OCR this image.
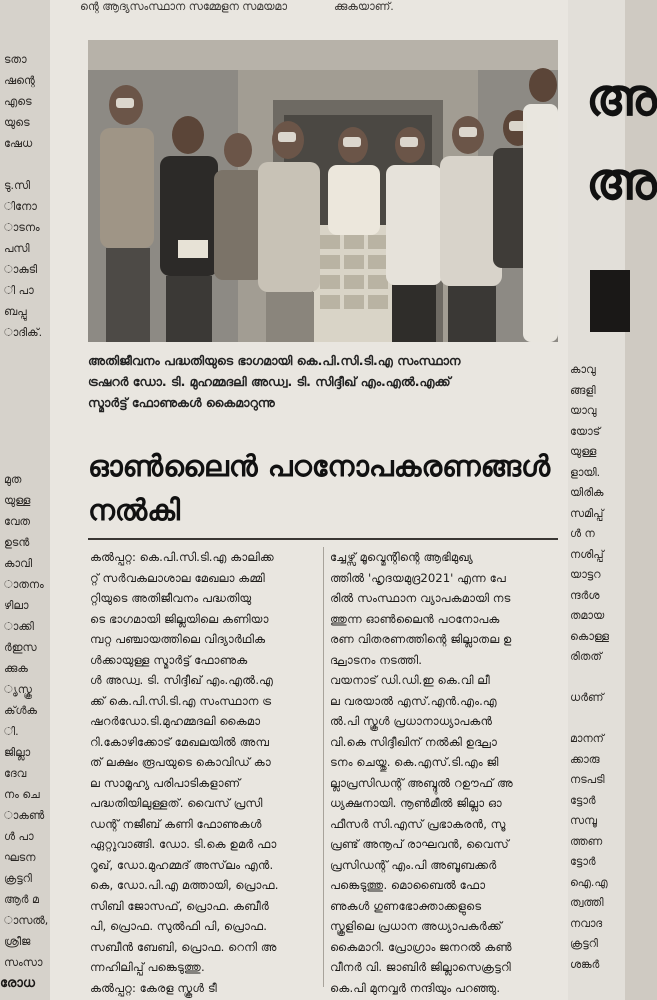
ടതാ
ഷന്റെ
എടെ
യുടെ
ഷേധ
ടു.സി
ിനോ
ാടനം
പസി
ാകുടി
ി പാ
ബപ്പു
ാദിക്.
മുത
യുള്ള
വേത
ഉടൻ
കാവി
ാതനം
ഴിലാ
ാക്കി
ർഇസ
ക്കുക
ൃസ്കൂ
ക്ൾക
ി.
ജില്ലാ
ദേവ
നം ചെ
ാകൺ
ൾ പാ
ഘടന
ക്രട്ടറി
ആർ മ
ാസൽ,
ശ്രീജ
സംസാ
അ
അ
കാവു
ങ്ങളി
യാവു
യോട്
യുള്ള
ളായി.
യിരിക
സമിപ്പ്
ൾ ന
നശിപ്പ്
യാട്ടറ
ന്ദർശ
തമായ
കൊള്ള
രിതത്
ധർണ്
മാനന്
ക്കാരു
നടപടി
ട്ടോർ
സമ്പൂ
ത്തണ
ട്ടോർ
ഐ.എ
ത്വത്തി
നവാദ
ക്രട്ടറി
ശങ്കർ
ന്റെ ആദ്യസംസ്ഥാന സമ്മേളന സമയമാ	ക്കുകയാണ്.
അതിജീവനം പദ്ധതിയുടെ ഭാഗമായി കെ.പി.സി.ടി.എ സംസ്ഥാന
ട്രഷറർ ഡോ. ടി. മുഹമ്മദലി അഡ്വ. ടി. സിദ്ദീഖ് എം.എൽ.എക്ക്
സ്മാർട്ട് ഫോണുകൾ കൈമാറുന്നു
ഓൺലൈൻ പഠനോപകരണങ്ങൾ
നൽകി
കൽപ്പറ്റ: കെ.പി.സി.ടി.എ കാലിക്ക
റ്റ് സർവകലാശാല മേഖലാ കമ്മി
റ്റിയുടെ അതിജീവനം പദ്ധതിയു
ടെ ഭാഗമായി ജില്ലയിലെ കണിയാ
മ്പറ്റ പഞ്ചായത്തിലെ വിദ്യാർഥിക
ൾക്കായുള്ള സ്മാർട്ട് ഫോണുക
ൾ അഡ്വ. ടി. സിദ്ദീഖ് എം.എൽ.എ
ക്ക് കെ.പി.സി.ടി.എ സംസ്ഥാന ട്ര
ഷറർഡോ.ടി.മുഹമ്മദലി കൈമാ
റി.കോഴിക്കോട് മേഖലയിൽ അമ്പ
ത് ലക്ഷം രൂപയുടെ കൊവിഡ് കാ
ല സാമൂഹ്യ പരിപാടികളാണ്
പദ്ധതിയിലുള്ളത്. വൈസ് പ്രസി
ഡന്റ് നജീബ് കണി ഫോണുകൾ
ഏറ്റുവാങ്ങി. ഡോ. ടി.കെ ഉമർ ഫാ
റൂഖ്, ഡോ.മുഹമ്മദ് അസ്‌ലം എൻ.
കെ, ഡോ.പി.എ മത്തായി, പ്രൊഫ.
സിബി ജോസഫ്, പ്രൊഫ. കബീർ
പി, പ്രൊഫ. സുൽഫി പി, പ്രൊഫ.
സബീൻ ബേബി, പ്രൊഫ. റെനി അ
ന്നഹിലിപ്പ് പങ്കെടുത്തു.
കൽപ്പറ്റ: കേരള സ്കൂൾ ടീ
ച്ചേഴ്സ് മൂവ്മെന്റിന്റെ ആഭിമുഖ്യ
ത്തിൽ 'ഹൃദയമുദ്ര2021' എന്ന പേ
രിൽ സംസ്ഥാന വ്യാപകമായി നട
ത്തുന്ന ഓൺലൈൻ പഠനോപക
രണ വിതരണത്തിന്റെ ജില്ലാതല ഉ
ദ്ഘാടനം നടത്തി.
വയനാട് ഡി.ഡി.ഇ കെ.വി ലീ
ല വരയാൽ എസ്.എൻ.എം.എ
ൽ.പി സ്കൂൾ പ്രധാനാധ്യാപകൻ
വി.കെ സിദ്ദീഖിന് നൽകി ഉദ്ഘാ
ടനം ചെയ്തു. കെ.എസ്.ടി.എം ജി
ല്ലാപ്രസിഡന്റ് അബ്ദുൽ റഊഫ് അ
ധ്യക്ഷനായി. നൂൺമീൽ ജില്ലാ ഓ
ഫീസർ സി.എസ് പ്രഭാകരൻ, സൂ
പ്രണ്ട് അനൂപ് രാഘവൻ, വൈസ്
പ്രസിഡന്റ് എം.പി അബൂബക്കർ
പങ്കെടുത്തു. മൊബൈൽ ഫോ
ണുകൾ ഗുണഭോക്താക്കളുടെ
സ്കൂളിലെ പ്രധാന അധ്യാപകർക്ക്
കൈമാറി. പ്രോഗ്രാം ജനറൽ കൺ
വീനർ വി. ജാബിർ ജില്ലാസെക്രട്ടറി
കെ.പി മുനവ്വർ നന്ദിയും പറഞ്ഞു.
രോധ
